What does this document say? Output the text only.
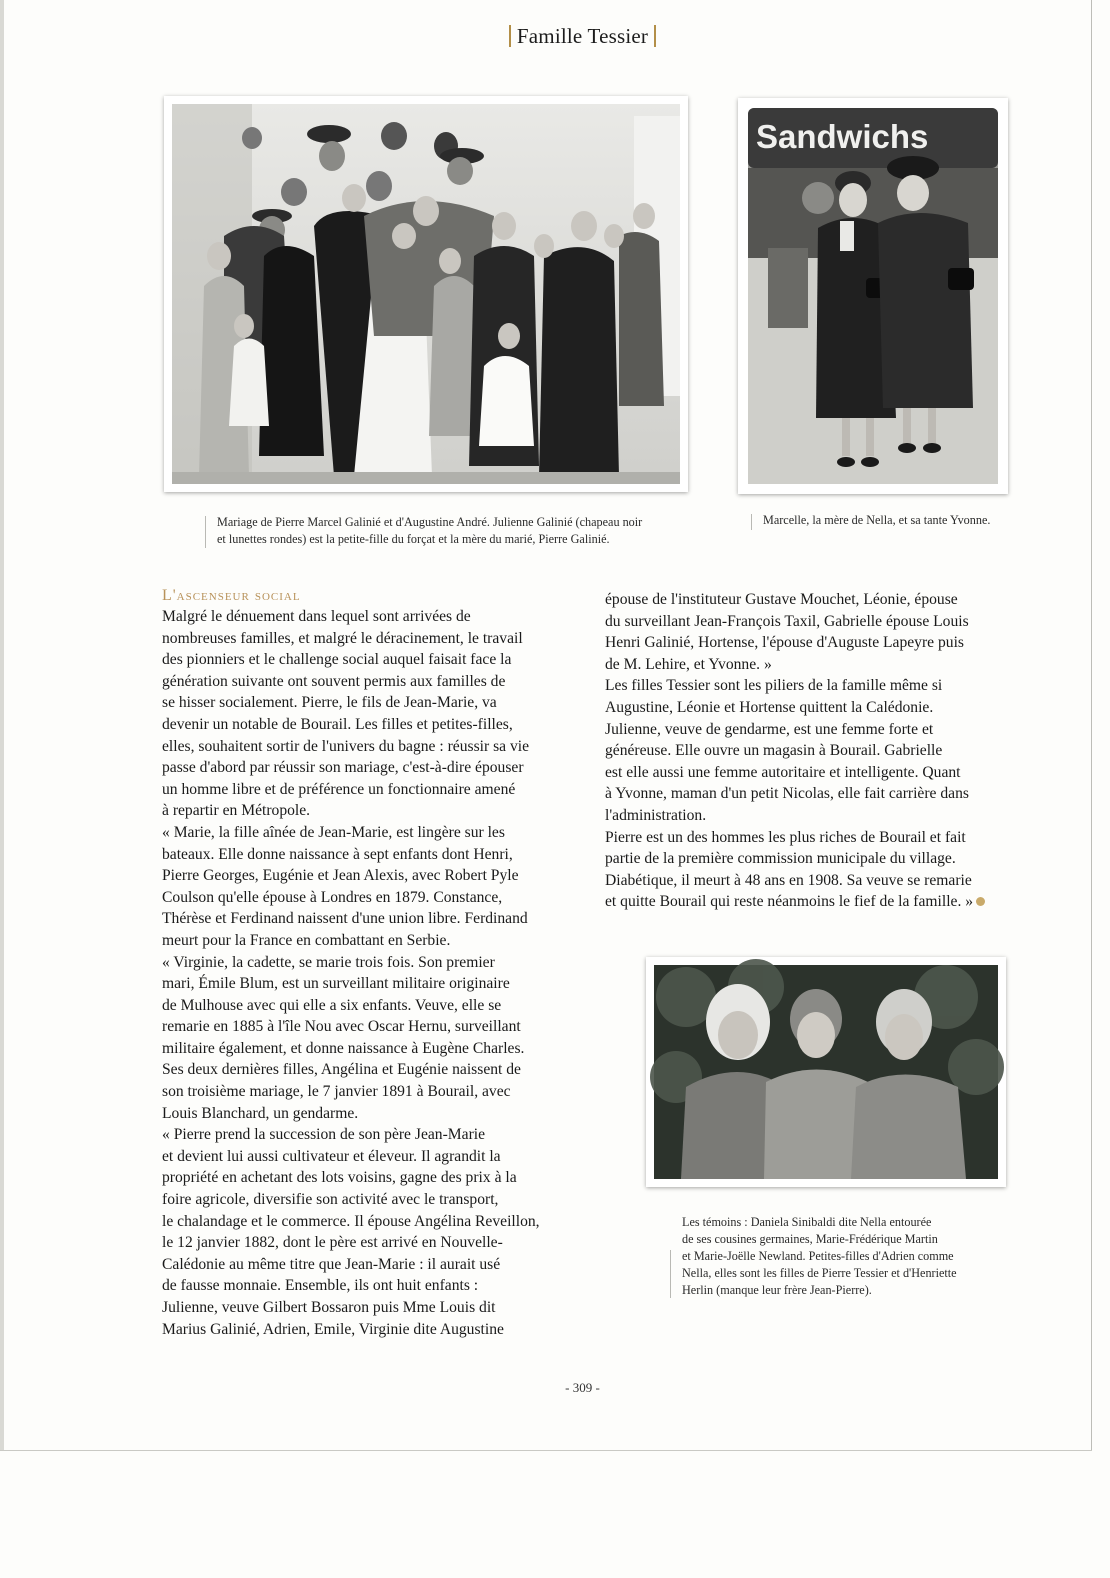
Famille Tessier
Sandwichs
Mariage de Pierre Marcel Galinié et d'Augustine André. Julienne Galinié (chapeau noir
et lunettes rondes) est la petite-fille du forçat et la mère du marié, Pierre Galinié.
Marcelle, la mère de Nella, et sa tante Yvonne.
L'ascenseur social
Malgré le dénuement dans lequel sont arrivées de
nombreuses familles, et malgré le déracinement, le travail
des pionniers et le challenge social auquel faisait face la
génération suivante ont souvent permis aux familles de
se hisser socialement. Pierre, le fils de Jean-Marie, va
devenir un notable de Bourail. Les filles et petites-filles,
elles, souhaitent sortir de l'univers du bagne : réussir sa vie
passe d'abord par réussir son mariage, c'est-à-dire épouser
un homme libre et de préférence un fonctionnaire amené
à repartir en Métropole.
« Marie, la fille aînée de Jean-Marie, est lingère sur les
bateaux. Elle donne naissance à sept enfants dont Henri,
Pierre Georges, Eugénie et Jean Alexis, avec Robert Pyle
Coulson qu'elle épouse à Londres en 1879. Constance,
Thérèse et Ferdinand naissent d'une union libre. Ferdinand
meurt pour la France en combattant en Serbie.
« Virginie, la cadette, se marie trois fois. Son premier
mari, Émile Blum, est un surveillant militaire originaire
de Mulhouse avec qui elle a six enfants. Veuve, elle se
remarie en 1885 à l'île Nou avec Oscar Hernu, surveillant
militaire également, et donne naissance à Eugène Charles.
Ses deux dernières filles, Angélina et Eugénie naissent de
son troisième mariage, le 7 janvier 1891 à Bourail, avec
Louis Blanchard, un gendarme.
« Pierre prend la succession de son père Jean-Marie
et devient lui aussi cultivateur et éleveur. Il agrandit la
propriété en achetant des lots voisins, gagne des prix à la
foire agricole, diversifie son activité avec le transport,
le chalandage et le commerce. Il épouse Angélina Reveillon,
le 12 janvier 1882, dont le père est arrivé en Nouvelle-
Calédonie au même titre que Jean-Marie : il aurait usé
de fausse monnaie. Ensemble, ils ont huit enfants :
Julienne, veuve Gilbert Bossaron puis Mme Louis dit
Marius Galinié, Adrien, Emile, Virginie dite Augustine
épouse de l'instituteur Gustave Mouchet, Léonie, épouse
du surveillant Jean-François Taxil, Gabrielle épouse Louis
Henri Galinié, Hortense, l'épouse d'Auguste Lapeyre puis
de M. Lehire, et Yvonne. »
Les filles Tessier sont les piliers de la famille même si
Augustine, Léonie et Hortense quittent la Calédonie.
Julienne, veuve de gendarme, est une femme forte et
généreuse. Elle ouvre un magasin à Bourail. Gabrielle
est elle aussi une femme autoritaire et intelligente. Quant
à Yvonne, maman d'un petit Nicolas, elle fait carrière dans
l'administration.
Pierre est un des hommes les plus riches de Bourail et fait
partie de la première commission municipale du village.
Diabétique, il meurt à 48 ans en 1908. Sa veuve se remarie
et quitte Bourail qui reste néanmoins le fief de la famille. »
Les témoins : Daniela Sinibaldi dite Nella entourée
de ses cousines germaines, Marie-Frédérique Martin
et Marie-Joëlle Newland. Petites-filles d'Adrien comme
Nella, elles sont les filles de Pierre Tessier et d'Henriette
Herlin (manque leur frère Jean-Pierre).
- 309 -
